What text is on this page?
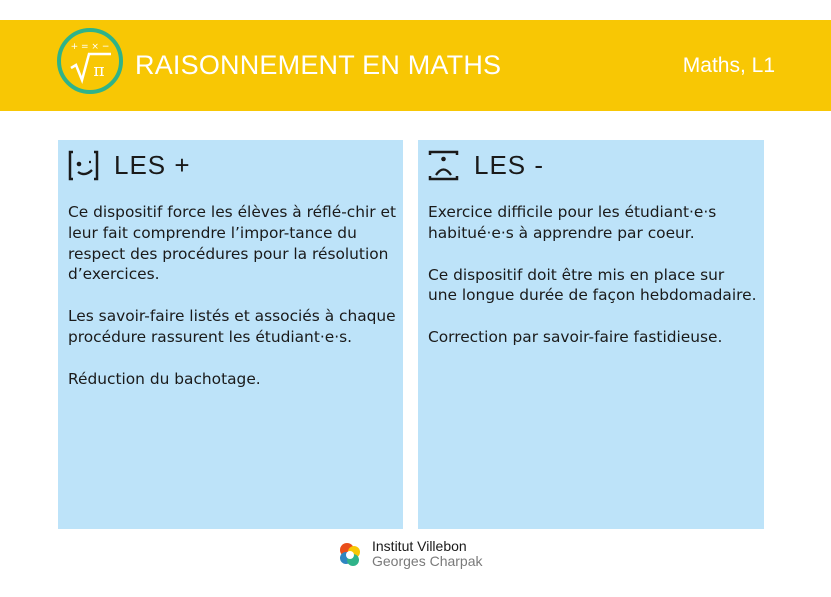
+ = × −
π RAISONNEMENT EN MATHS	Maths, L1
LES +

Ce dispositif force les élèves à réflé-chir et leur fait comprendre l’impor-tance du respect des procédures pour la résolution d’exercices.

Les savoir-faire listés et associés à chaque procédure rassurent les étudiant·e·s.

Réduction du bachotage.

LES -

Exercice difficile pour les étudiant·e·s habitué·e·s à apprendre par coeur.

Ce dispositif doit être mis en place sur une longue durée de façon hebdomadaire.

Correction par savoir-faire fastidieuse.

Institut Villebon
Georges Charpak
